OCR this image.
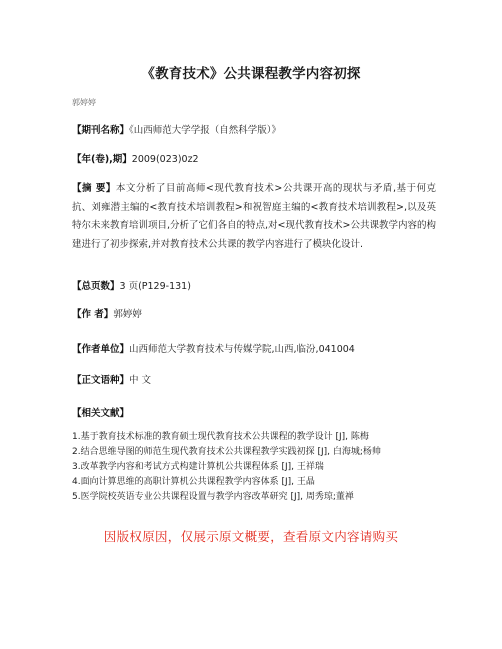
《教育技术》公共课程教学内容初探
郭婷婷
【期刊名称】《山西师范大学学报（自然科学版）》
【年(卷),期】2009(023)0z2
【摘 要】本文分析了目前高师<现代教育技术>公共课开高的现状与矛盾,基于何克抗、刘雍潜主编的<教育技术培训教程>和祝智庭主编的<教育技术培训教程>,以及英特尔未来教育培训项目,分析了它们各自的特点,对<现代教育技术>公共课教学内容的构建进行了初步探索,并对教育技术公共课的教学内容进行了模块化设计.
【总页数】3 页(P129-131)
【作 者】郭婷婷
【作者单位】山西师范大学教育技术与传媒学院,山西,临汾,041004
【正文语种】中 文
【相关文献】
1.基于教育技术标准的教育硕士现代教育技术公共课程的教学设计 [J], 陈梅
2.结合思维导图的师范生现代教育技术公共课程教学实践初探 [J], 白海城;杨帅
3.改革教学内容和考试方式构建计算机公共课程体系 [J], 王祥瑞
4.面向计算思维的高职计算机公共课程教学内容体系 [J], 王晶
5.医学院校英语专业公共课程设置与教学内容改革研究 [J], 周秀琼;董禅
因版权原因，仅展示原文概要，查看原文内容请购买
